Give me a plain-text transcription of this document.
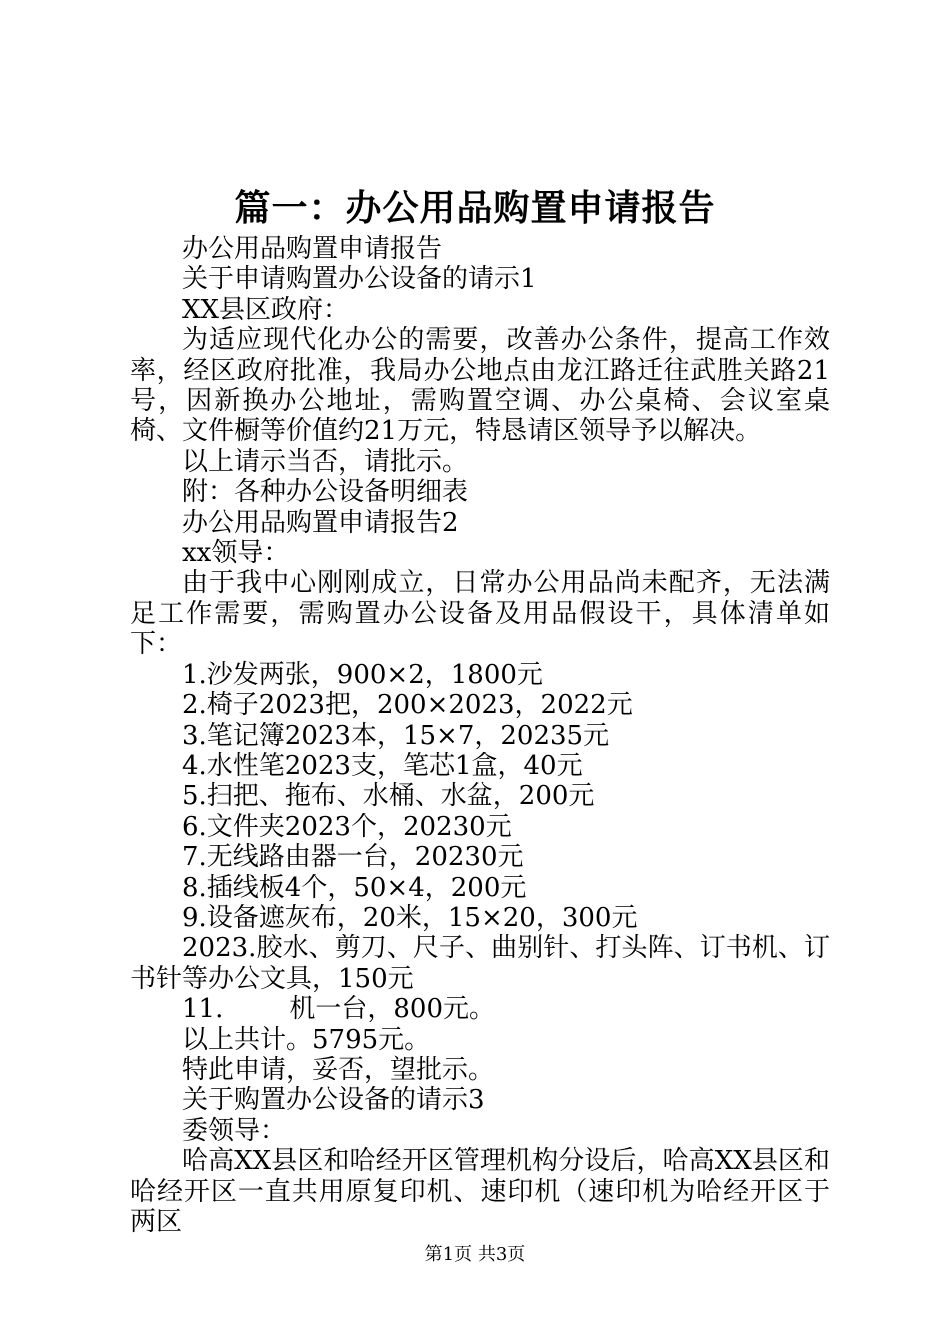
篇一：办公用品购置申请报告

办公用品购置申请报告

关于申请购置办公设备的请示1

XX县区政府：

为适应现代化办公的需要，改善办公条件，提高工作效率，经区政府批准，我局办公地点由龙江路迁往武胜关路21号，因新换办公地址，需购置空调、办公桌椅、会议室桌椅、文件橱等价值约21万元，特恳请区领导予以解决。

以上请示当否，请批示。

附：各种办公设备明细表

办公用品购置申请报告2

xx领导：

由于我中心刚刚成立，日常办公用品尚未配齐，无法满足工作需要，需购置办公设备及用品假设干，具体清单如下：

1.沙发两张，900×2，1800元

2.椅子2023把，200×2023，2022元

3.笔记簿2023本，15×7，20235元

4.水性笔2023支，笔芯1盒，40元

5.扫把、拖布、水桶、水盆，200元

6.文件夹2023个，20230元

7.无线路由器一台，20230元

8.插线板4个，50×4，200元

9.设备遮灰布，20米，15×20，300元

2023.胶水、剪刀、尺子、曲别针、打头阵、订书机、订书针等办公文具，150元

11.	机一台，800元。

以上共计。5795元。

特此申请，妥否，望批示。

关于购置办公设备的请示3

委领导：

哈高XX县区和哈经开区管理机构分设后，哈高XX县区和哈经开区一直共用原复印机、速印机（速印机为哈经开区于两区

第1页 共3页
